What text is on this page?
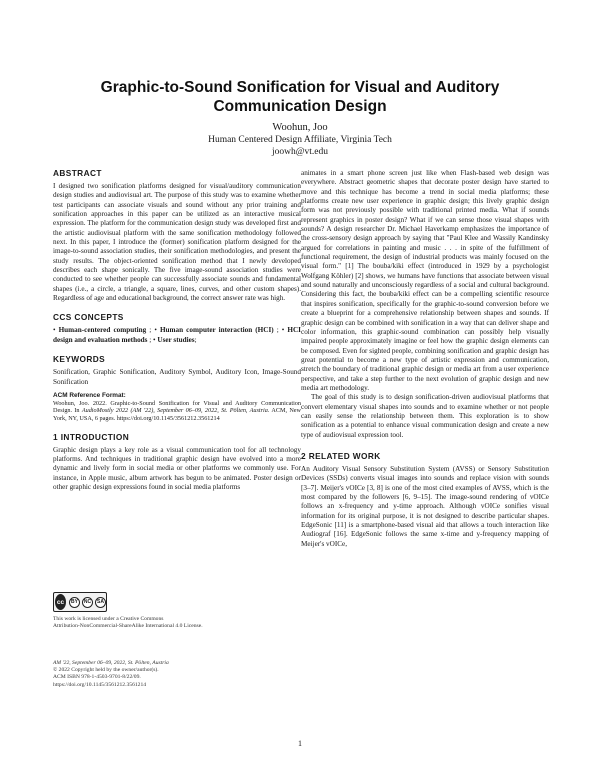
Graphic-to-Sound Sonification for Visual and Auditory
Communication Design
Woohun, Joo
Human Centered Design Affiliate, Virginia Tech
joowh@vt.edu
ABSTRACT

I designed two sonification platforms designed for visual/auditory communication design studies and audiovisual art. The purpose of this study was to examine whether test participants can associate visuals and sound without any prior training and sonification approaches in this paper can be utilized as an interactive musical expression. The platform for the communication design study was developed first and the artistic audiovisual platform with the same sonification methodology followed next. In this paper, I introduce the (former) sonification platform designed for the image-to-sound association studies, their sonification methodologies, and present the study results. The object-oriented sonification method that I newly developed describes each shape sonically. The five image-sound association studies were conducted to see whether people can successfully associate sounds and fundamental shapes (i.e., a circle, a triangle, a square, lines, curves, and other custom shapes). Regardless of age and educational background, the correct answer rate was high.

CCS CONCEPTS

• Human-centered computing ; • Human computer interaction (HCI) ; • HCI design and evaluation methods ; • User studies;

KEYWORDS

Sonification, Graphic Sonification, Auditory Symbol, Auditory Icon, Image-Sound Sonification

ACM Reference Format:

Woohun, Joo. 2022. Graphic-to-Sound Sonification for Visual and Auditory Communication Design. In AudioMostly 2022 (AM '22), September 06–09, 2022, St. Pölten, Austria. ACM, New York, NY, USA, 6 pages. https://doi.org/10.1145/3561212.3561214

1 INTRODUCTION

Graphic design plays a key role as a visual communication tool for all technology platforms. And techniques in traditional graphic design have evolved into a more dynamic and lively form in social media or other platforms we commonly use. For instance, in Apple music, album artwork has begun to be animated. Poster design or other graphic design expressions found in social media platforms

cc	BY	NC	SA
This work is licensed under a Creative Commons
Attribution-NonCommercial-ShareAlike International 4.0 License.
AM '22, September 06–09, 2022, St. Pölten, Austria
© 2022 Copyright held by the owner/author(s).
ACM ISBN 978-1-4503-9701-8/22/09.
https://doi.org/10.1145/3561212.3561214

animates in a smart phone screen just like when Flash-based web design was everywhere. Abstract geometric shapes that decorate poster design have started to move and this technique has become a trend in social media platforms; these platforms create new user experience in graphic design; this lively graphic design form was not previously possible with traditional printed media. What if sounds represent graphics in poster design? What if we can sense those visual shapes with sounds? A design researcher Dr. Michael Haverkamp emphasizes the importance of the cross-sensory design approach by saying that "Paul Klee and Wassily Kandinsky argued for correlations in painting and music . . . in spite of the fulfillment of functional requirement, the design of industrial products was mainly focused on the visual form." [1] The bouba/kiki effect (introduced in 1929 by a psychologist Wolfgang Köhler) [2] shows, we humans have functions that associate between visual and sound naturally and unconsciously regardless of a social and cultural background. Considering this fact, the bouba/kiki effect can be a compelling scientific resource that inspires sonification, specifically for the graphic-to-sound conversion before we create a blueprint for a comprehensive relationship between shapes and sounds. If graphic design can be combined with sonification in a way that can deliver shape and color information, this graphic-sound combination can possibly help visually impaired people approximately imagine or feel how the graphic design elements can be composed. Even for sighted people, combining sonification and graphic design has great potential to become a new type of artistic expression and communication, stretch the boundary of traditional graphic design or media art from a user experience perspective, and take a step further to the next evolution of graphic design and new media art methodology.

The goal of this study is to design sonification-driven audiovisual platforms that convert elementary visual shapes into sounds and to examine whether or not people can easily sense the relationship between them. This exploration is to show sonification as a potential to enhance visual communication design and create a new type of audiovisual expression tool.

2 RELATED WORK

An Auditory Visual Sensory Substitution System (AVSS) or Sensory Substitution Devices (SSDs) converts visual images into sounds and replace vision with sounds [3–7]. Meijer's vOICe [3, 8] is one of the most cited examples of AVSS, which is the most compared by the followers [6, 9–15]. The image-sound rendering of vOICe follows an x-frequency and y-time approach. Although vOICe sonifies visual information for its original purpose, it is not designed to describe particular shapes. EdgeSonic [11] is a smartphone-based visual aid that allows a touch interaction like Audiograf [16]. EdgeSonic follows the same x-time and y-frequency mapping of Meijer's vOICe,

1
